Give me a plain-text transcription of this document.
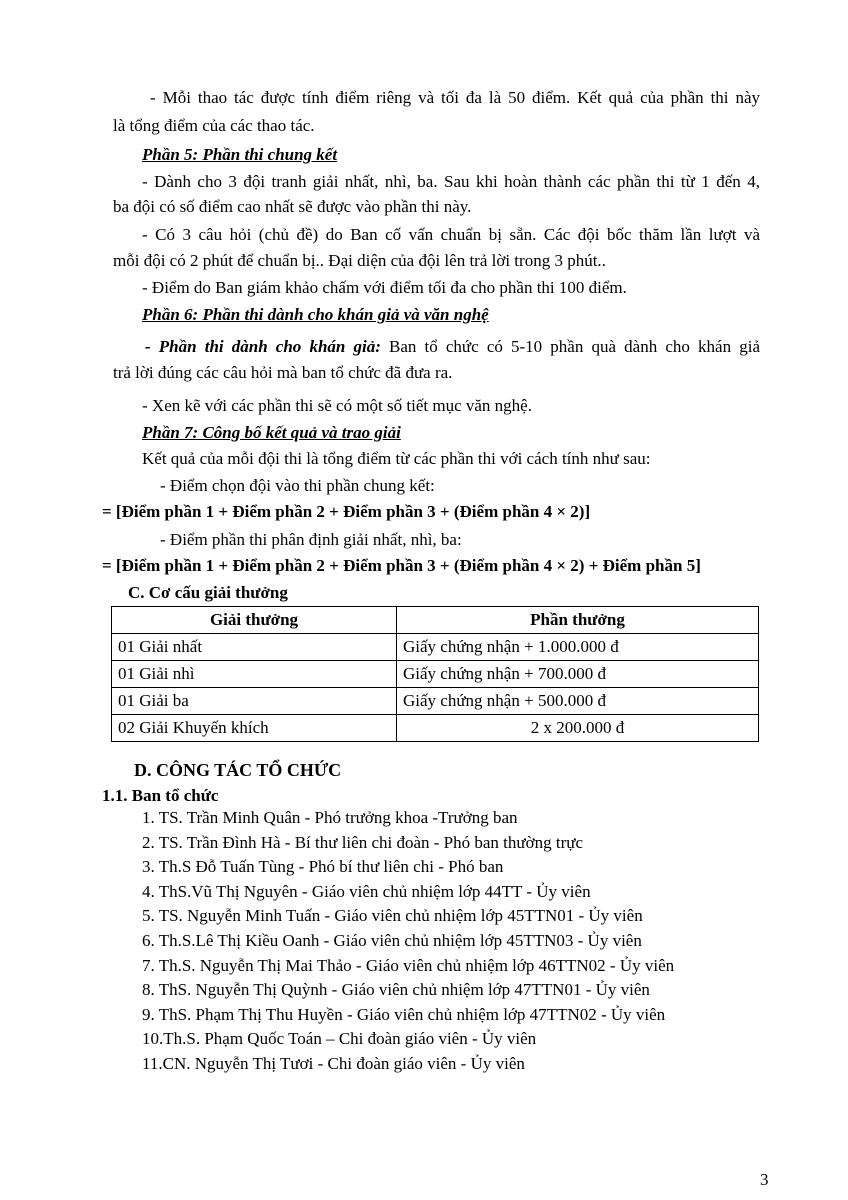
- Mỗi thao tác được tính điểm riêng và tối đa là 50 điểm. Kết quả của phần thi này
là tổng điểm của các thao tác.
Phần 5: Phần thi chung kết
- Dành cho 3 đội tranh giải nhất, nhì, ba. Sau khi hoàn thành các phần thi từ 1 đến 4,
ba đội có số điểm cao nhất sẽ được vào phần thi này.
- Có 3 câu hỏi (chủ đề) do Ban cố vấn chuẩn bị sẵn. Các đội bốc thăm lần lượt và
mỗi đội có 2 phút để chuẩn bị.. Đại diện của đội lên trả lời trong 3 phút..
- Điểm do Ban giám khảo chấm với điểm tối đa cho phần thi 100 điểm.
Phần 6: Phần thi dành cho khán giả và văn nghệ
- Phần thi dành cho khán giả: Ban tổ chức có 5-10 phần quà dành cho khán giả
trả lời đúng các câu hỏi mà ban tổ chức đã đưa ra.
- Xen kẽ với các phần thi sẽ có một số tiết mục văn nghệ.
Phần 7: Công bố kết quả và trao giải
Kết quả của mỗi đội thi là tổng điểm từ các phần thi với cách tính như sau:
- Điểm chọn đội vào thi phần chung kết:
= [Điểm phần 1 + Điểm phần 2 + Điểm phần 3 + (Điểm phần 4 × 2)]
- Điểm phần thi phân định giải nhất, nhì, ba:
= [Điểm phần 1 + Điểm phần 2 + Điểm phần 3 + (Điểm phần 4 × 2) + Điểm phần 5]
C. Cơ cấu giải thưởng
Giải thưởng	Phần thưởng
01 Giải nhất	Giấy chứng nhận + 1.000.000 đ
01 Giải nhì	Giấy chứng nhận + 700.000 đ
01 Giải ba	Giấy chứng nhận + 500.000 đ
02 Giải Khuyến khích	2 x 200.000 đ
D. CÔNG TÁC TỔ CHỨC
1.1. Ban tổ chức
1. TS. Trần Minh Quân - Phó trưởng khoa -Trưởng ban
2. TS. Trần Đình Hà - Bí thư liên chi đoàn - Phó ban thường trực
3. Th.S Đỗ Tuấn Tùng - Phó bí thư liên chi - Phó ban
4. ThS.Vũ Thị Nguyên - Giáo viên chủ nhiệm lớp 44TT - Ủy viên
5. TS. Nguyễn Minh Tuấn - Giáo viên chủ nhiệm lớp 45TTN01 - Ủy viên
6. Th.S.Lê Thị Kiều Oanh - Giáo viên chủ nhiệm lớp 45TTN03 - Ủy viên
7. Th.S. Nguyễn Thị Mai Thảo - Giáo viên chủ nhiệm lớp 46TTN02 - Ủy viên
8. ThS. Nguyễn Thị Quỳnh - Giáo viên chủ nhiệm lớp 47TTN01 - Ủy viên
9. ThS. Phạm Thị Thu Huyền - Giáo viên chủ nhiệm lớp 47TTN02 - Ủy viên
10.Th.S. Phạm Quốc Toán – Chi đoàn giáo viên - Ủy viên
11.CN. Nguyễn Thị Tươi - Chi đoàn giáo viên - Ủy viên
3
